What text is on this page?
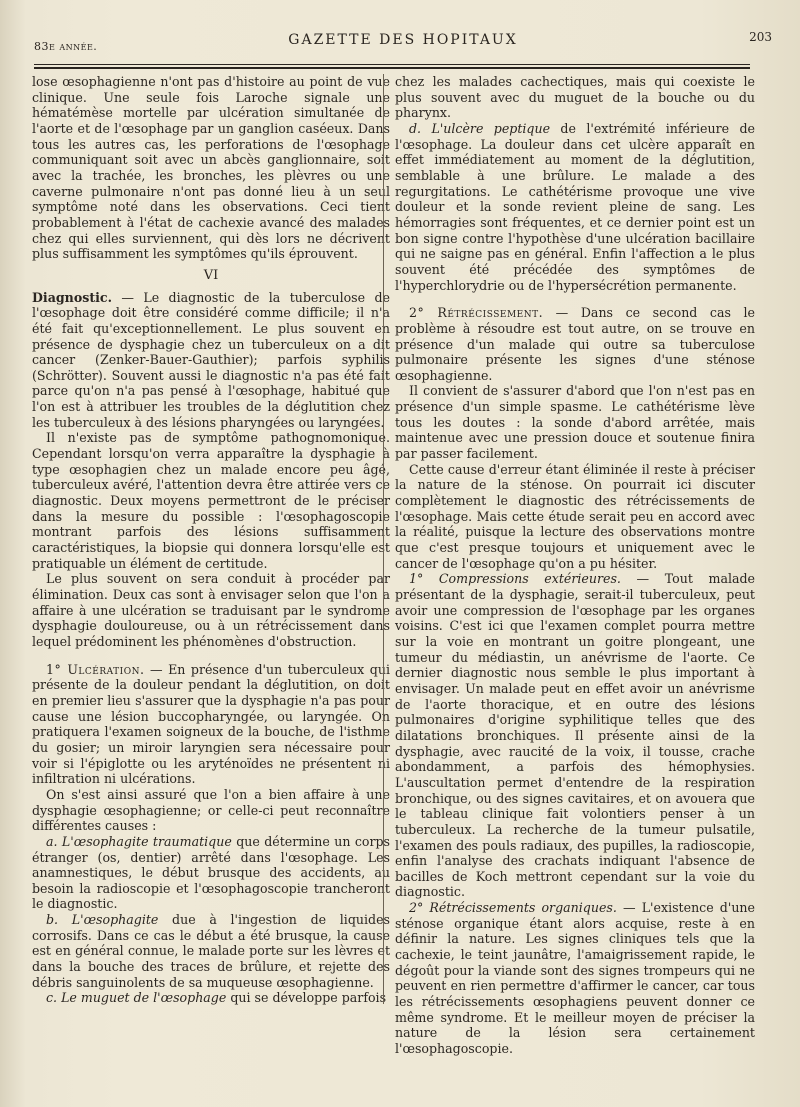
83e année.	GAZETTE DES HOPITAUX	203

lose œsophagienne n'ont pas d'histoire au point de vue clinique. Une seule fois Laroche signale une hématémèse mortelle par ulcération simultanée de l'aorte et de l'œsophage par un ganglion caséeux. Dans tous les autres cas, les perforations de l'œsophage communiquant soit avec un abcès ganglionnaire, soit avec la trachée, les bronches, les plèvres ou une caverne pulmonaire n'ont pas donné lieu à un seul symptôme noté dans les observations. Ceci tient probablement à l'état de cachexie avancé des malades chez qui elles surviennent, qui dès lors ne décrivent plus suffisamment les symptômes qu'ils éprouvent.

VI

Diagnostic. — Le diagnostic de la tuberculose de l'œsophage doit être considéré comme difficile; il n'a été fait qu'exceptionnellement. Le plus souvent en présence de dysphagie chez un tuberculeux on a dit cancer (Zenker-Bauer-Gauthier); parfois syphilis (Schrötter). Souvent aussi le diagnostic n'a pas été fait parce qu'on n'a pas pensé à l'œsophage, habitué que l'on est à attribuer les troubles de la déglutition chez les tuberculeux à des lésions pharyngées ou laryngées.

Il n'existe pas de symptôme pathognomonique. Cependant lorsqu'on verra apparaître la dysphagie à type œsophagien chez un malade encore peu âgé, tuberculeux avéré, l'attention devra être attirée vers ce diagnostic. Deux moyens permettront de le préciser dans la mesure du possible : l'œsophagoscopie montrant parfois des lésions suffisamment caractéristiques, la biopsie qui donnera lorsqu'elle est pratiquable un élément de certitude.

Le plus souvent on sera conduit à procéder par élimination. Deux cas sont à envisager selon que l'on a affaire à une ulcération se traduisant par le syndrome dysphagie douloureuse, ou à un rétrécissement dans lequel prédominent les phénomènes d'obstruction.

1° Ulcération. — En présence d'un tuberculeux qui présente de la douleur pendant la déglutition, on doit en premier lieu s'assurer que la dysphagie n'a pas pour cause une lésion buccopharyngée, ou laryngée. On pratiquera l'examen soigneux de la bouche, de l'isthme du gosier; un miroir laryngien sera nécessaire pour voir si l'épiglotte ou les aryténoïdes ne présentent ni infiltration ni ulcérations.

On s'est ainsi assuré que l'on a bien affaire à une dysphagie œsophagienne; or celle-ci peut reconnaître différentes causes :

a. L'œsophagite traumatique que détermine un corps étranger (os, dentier) arrêté dans l'œsophage. Les anamnestiques, le début brusque des accidents, au besoin la radioscopie et l'œsophagoscopie trancheront le diagnostic.

b. L'œsophagite due à l'ingestion de liquides corrosifs. Dans ce cas le début a été brusque, la cause est en général connue, le malade porte sur les lèvres et dans la bouche des traces de brûlure, et rejette des débris sanguinolents de sa muqueuse œsophagienne.

c. Le muguet de l'œsophage qui se développe parfois

chez les malades cachectiques, mais qui coexiste le plus souvent avec du muguet de la bouche ou du pharynx.

d. L'ulcère peptique de l'extrémité inférieure de l'œsophage. La douleur dans cet ulcère apparaît en effet immédiatement au moment de la déglutition, semblable à une brûlure. Le malade a des regurgitations. Le cathétérisme provoque une vive douleur et la sonde revient pleine de sang. Les hémorragies sont fréquentes, et ce dernier point est un bon signe contre l'hypothèse d'une ulcération bacillaire qui ne saigne pas en général. Enfin l'affection a le plus souvent été précédée des symptômes de l'hyperchlorydrie ou de l'hypersécrétion permanente.

2° Rétrécissement. — Dans ce second cas le problème à résoudre est tout autre, on se trouve en présence d'un malade qui outre sa tuberculose pulmonaire présente les signes d'une sténose œsophagienne.

Il convient de s'assurer d'abord que l'on n'est pas en présence d'un simple spasme. Le cathétérisme lève tous les doutes : la sonde d'abord arrêtée, mais maintenue avec une pression douce et soutenue finira par passer facilement.

Cette cause d'erreur étant éliminée il reste à préciser la nature de la sténose. On pourrait ici discuter complètement le diagnostic des rétrécissements de l'œsophage. Mais cette étude serait peu en accord avec la réalité, puisque la lecture des observations montre que c'est presque toujours et uniquement avec le cancer de l'œsophage qu'on a pu hésiter.

1° Compressions extérieures. — Tout malade présentant de la dysphagie, serait-il tuberculeux, peut avoir une compression de l'œsophage par les organes voisins. C'est ici que l'examen complet pourra mettre sur la voie en montrant un goitre plongeant, une tumeur du médiastin, un anévrisme de l'aorte. Ce dernier diagnostic nous semble le plus important à envisager. Un malade peut en effet avoir un anévrisme de l'aorte thoracique, et en outre des lésions pulmonaires d'origine syphilitique telles que des dilatations bronchiques. Il présente ainsi de la dysphagie, avec raucité de la voix, il tousse, crache abondamment, a parfois des hémophysies. L'auscultation permet d'entendre de la respiration bronchique, ou des signes cavitaires, et on avouera que le tableau clinique fait volontiers penser à un tuberculeux. La recherche de la tumeur pulsatile, l'examen des pouls radiaux, des pupilles, la radioscopie, enfin l'analyse des crachats indiquant l'absence de bacilles de Koch mettront cependant sur la voie du diagnostic.

2° Rétrécissements organiques. — L'existence d'une sténose organique étant alors acquise, reste à en définir la nature. Les signes cliniques tels que la cachexie, le teint jaunâtre, l'amaigrissement rapide, le dégoût pour la viande sont des signes trompeurs qui ne peuvent en rien permettre d'affirmer le cancer, car tous les rétrécissements œsophagiens peuvent donner ce même syndrome. Et le meilleur moyen de préciser la nature de la lésion sera certainement l'œsophagoscopie.
